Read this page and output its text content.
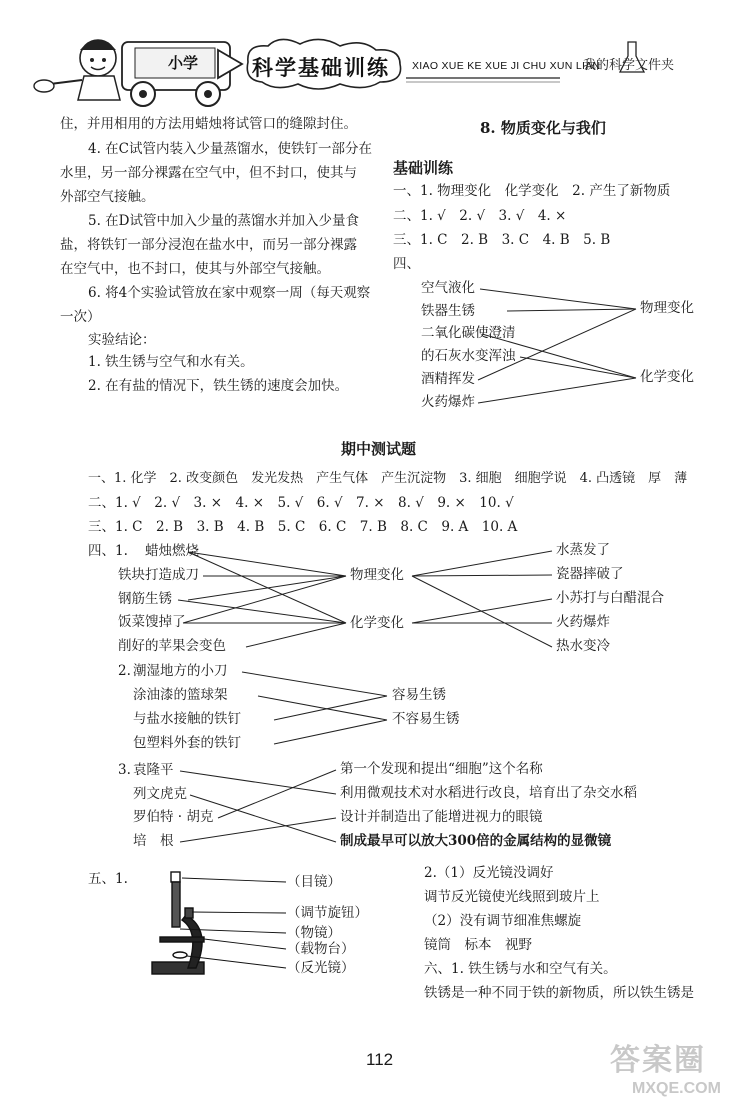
小学	科学基础训练 XIAO XUE KE XUE JI CHU XUN LIAN
我的科学文件夹
住，并用相用的方法用蜡烛将试管口的缝隙封住。
4. 在C试管内装入少量蒸馏水，使铁钉一部分在
水里，另一部分裸露在空气中，但不封口，使其与
外部空气接触。
5. 在D试管中加入少量的蒸馏水并加入少量食
盐，将铁钉一部分浸泡在盐水中，而另一部分裸露
在空气中，也不封口，使其与外部空气接触。
6. 将4个实验试管放在家中观察一周（每天观察
一次）
实验结论：
1. 铁生锈与空气和水有关。
2. 在有盐的情况下，铁生锈的速度会加快。
8. 物质变化与我们
基础训练
一、1. 物理变化　化学变化　2. 产生了新物质
二、1. √　2. √　3. √　4. ×
三、1. C　2. B　3. C　4. B　5. B
四、
空气液化
铁器生锈
二氧化碳使澄清
的石灰水变浑浊
酒精挥发
火药爆炸
物理变化
化学变化
期中测试题
一、1. 化学　2. 改变颜色　发光发热　产生气体　产生沉淀物　3. 细胞　细胞学说　4. 凸透镜　厚　薄
二、1. √　2. √　3. ×　4. ×　5. √　6. √　7. ×　8. √　9. ×　10. √
三、1. C　2. B　3. B　4. B　5. C　6. C　7. B　8. C　9. A　10. A
四、1. 蜡烛燃烧
铁块打造成刀
钢筋生锈
饭菜馊掉了
削好的苹果会变色
物理变化
化学变化
水蒸发了
瓷器摔破了
小苏打与白醋混合
火药爆炸
热水变冷
2. 潮湿地方的小刀
涂油漆的篮球架
与盐水接触的铁钉
包塑料外套的铁钉
容易生锈
不容易生锈
3. 袁隆平
列文虎克
罗伯特 · 胡克
培　根
第一个发现和提出“细胞”这个名称
利用微观技术对水稻进行改良，培育出了杂交水稻
设计并制造出了能增进视力的眼镜
制成最早可以放大300倍的金属结构的显微镜
五、1.	（目镜）
（调节旋钮）
（物镜）
（载物台）
（反光镜）
2.（1）反光镜没调好
调节反光镜使光线照到玻片上
（2）没有调节细准焦螺旋
镜筒　标本　视野
六、1. 铁生锈与水和空气有关。
铁锈是一种不同于铁的新物质，所以铁生锈是
112	答案圈
MXQE.COM
